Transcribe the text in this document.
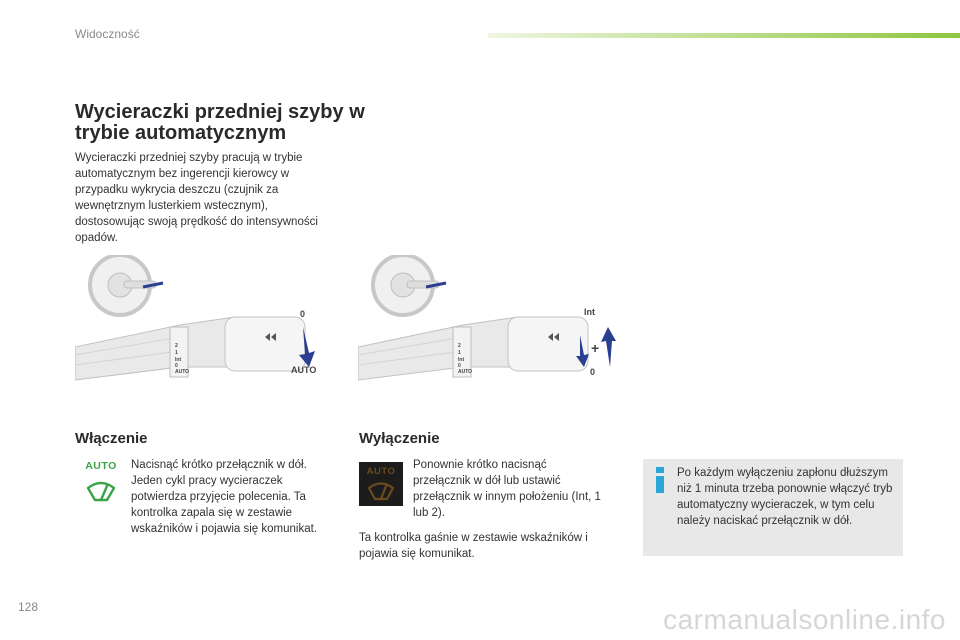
Widoczność
Wycieraczki przedniej szyby w trybie automatycznym

Wycieraczki przedniej szyby pracują w trybie automatycznym bez ingerencji kierowcy w przypadku wykrycia deszczu (czujnik za wewnętrznym lusterkiem wstecznym), dostosowując swoją prędkość do intensywności opadów.

2
1
Int
0
AUTO
0
AUTO
2
1
Int
0
AUTO
Int
+
0
Włączenie	Wyłączenie
AUTO	Nacisnąć krótko przełącznik w dół. Jeden cykl pracy wycieraczek potwierdza przyjęcie polecenia. Ta kontrolka zapala się w zestawie wskaźników i pojawia się komunikat.

AUTO

Ponownie krótko nacisnąć przełącznik w dół lub ustawić przełącznik w innym położeniu (Int, 1 lub 2).

Ta kontrolka gaśnie w zestawie wskaźników i pojawia się komunikat.

Po każdym wyłączeniu zapłonu dłuższym niż 1 minuta trzeba ponownie włączyć tryb automatyczny wycieraczek, w tym celu należy naciskać przełącznik w dół.

128	carmanualsonline.info
